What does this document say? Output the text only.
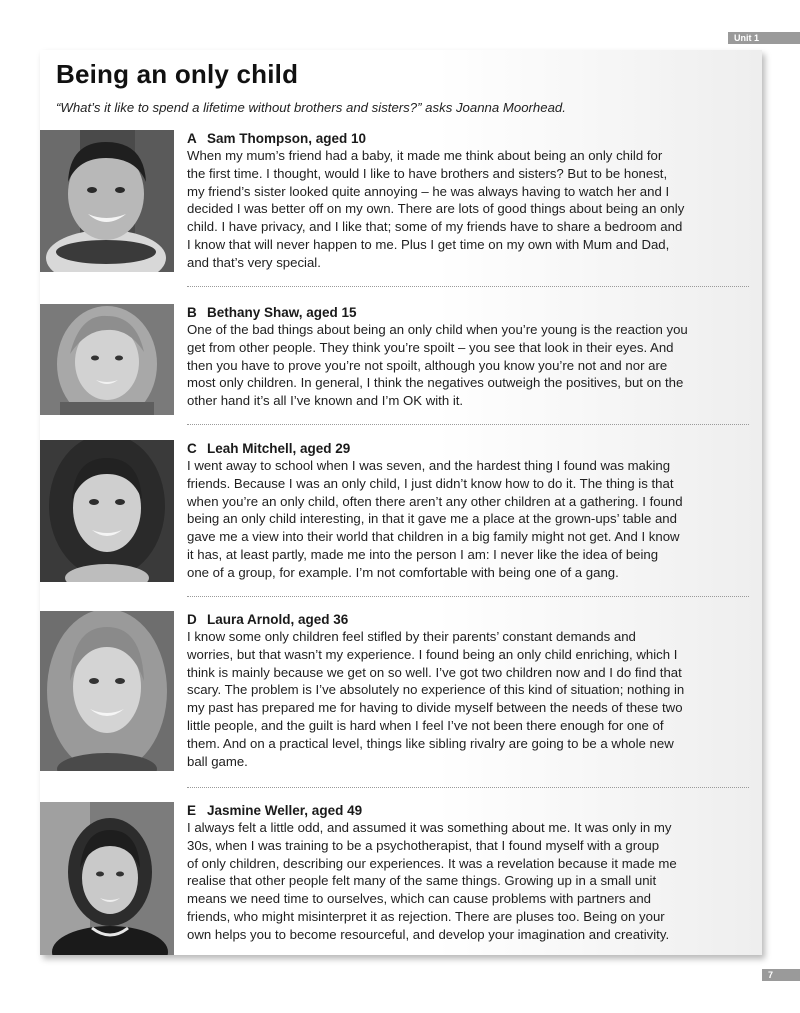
Unit 1
Being an only child

“What’s it like to spend a lifetime without brothers and sisters?” asks Joanna Moorhead.

A Sam Thompson, aged 10

When my mum’s friend had a baby, it made me think about being an only child for
the first time. I thought, would I like to have brothers and sisters? But to be honest,
my friend’s sister looked quite annoying – he was always having to watch her and I
decided I was better off on my own. There are lots of good things about being an only
child. I have privacy, and I like that; some of my friends have to share a bedroom and
I know that will never happen to me. Plus I get time on my own with Mum and Dad,
and that’s very special.

B Bethany Shaw, aged 15

One of the bad things about being an only child when you’re young is the reaction you
get from other people. They think you’re spoilt – you see that look in their eyes. And
then you have to prove you’re not spoilt, although you know you’re not and nor are
most only children. In general, I think the negatives outweigh the positives, but on the
other hand it’s all I’ve known and I’m OK with it.

C Leah Mitchell, aged 29

I went away to school when I was seven, and the hardest thing I found was making
friends. Because I was an only child, I just didn’t know how to do it. The thing is that
when you’re an only child, often there aren’t any other children at a gathering. I found
being an only child interesting, in that it gave me a place at the grown-ups’ table and
gave me a view into their world that children in a big family might not get. And I know
it has, at least partly, made me into the person I am: I never like the idea of being
one of a group, for example. I’m not comfortable with being one of a gang.

D Laura Arnold, aged 36

I know some only children feel stifled by their parents’ constant demands and
worries, but that wasn’t my experience. I found being an only child enriching, which I
think is mainly because we get on so well. I’ve got two children now and I do find that
scary. The problem is I’ve absolutely no experience of this kind of situation; nothing in
my past has prepared me for having to divide myself between the needs of these two
little people, and the guilt is hard when I feel I’ve not been there enough for one of
them. And on a practical level, things like sibling rivalry are going to be a whole new
ball game.

E Jasmine Weller, aged 49

I always felt a little odd, and assumed it was something about me. It was only in my
30s, when I was training to be a psychotherapist, that I found myself with a group
of only children, describing our experiences. It was a revelation because it made me
realise that other people felt many of the same things. Growing up in a small unit
means we need time to ourselves, which can cause problems with partners and
friends, who might misinterpret it as rejection. There are pluses too. Being on your
own helps you to become resourceful, and develop your imagination and creativity.

7
